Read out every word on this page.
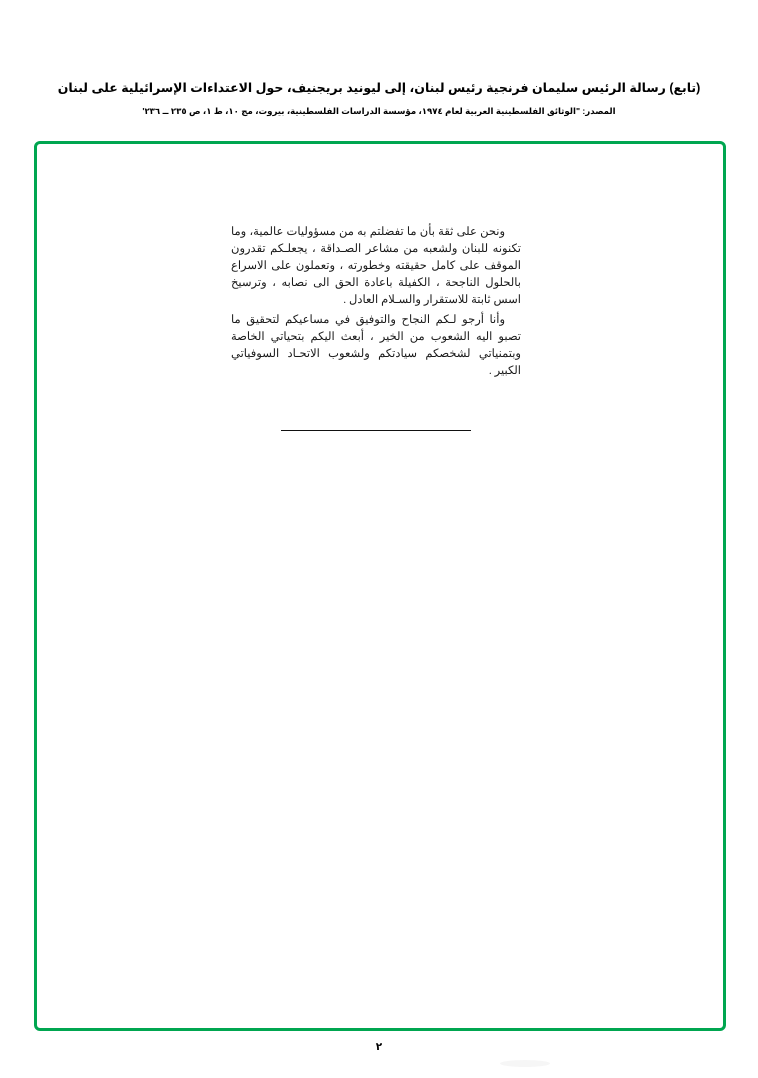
(تابع) رسالة الرئيس سليمان فرنجية رئيس لبنان، إلى ليونيد بريجنيف، حول الاعتداءات الإسرائيلية على لبنان
المصدر: "الوثائق الفلسطينية العربية لعام ١٩٧٤، مؤسسة الدراسات الفلسطينية، بيروت، مج ١٠، ط ١، ص ٢٣٥ ــ ٢٣٦'
ونحن على ثقة بأن ما تفضلتم به من مسؤوليات عالمية، وما تكنونه للبنان ولشعبه من مشاعر الصـداقة ، يجعلـكم تقدرون الموقف على كامل حقيقته وخطورته ، وتعملون على الاسراع بالحلول الناجحة ، الكفيلة باعادة الحق الى نصابه ، وترسيخ اسس ثابتة للاستقرار والسـلام العادل .
وأنا أرجو لـكم النجاح والتوفيق في مساعيكم لتحقيق ما تصبو اليه الشعوب من الخير ، أبعث اليكم بتحياتي الخاصة وبتمنياتي لشخصكم سيادتكم ولشعوب الاتحـاد السوفياتي الكبير .
٢
